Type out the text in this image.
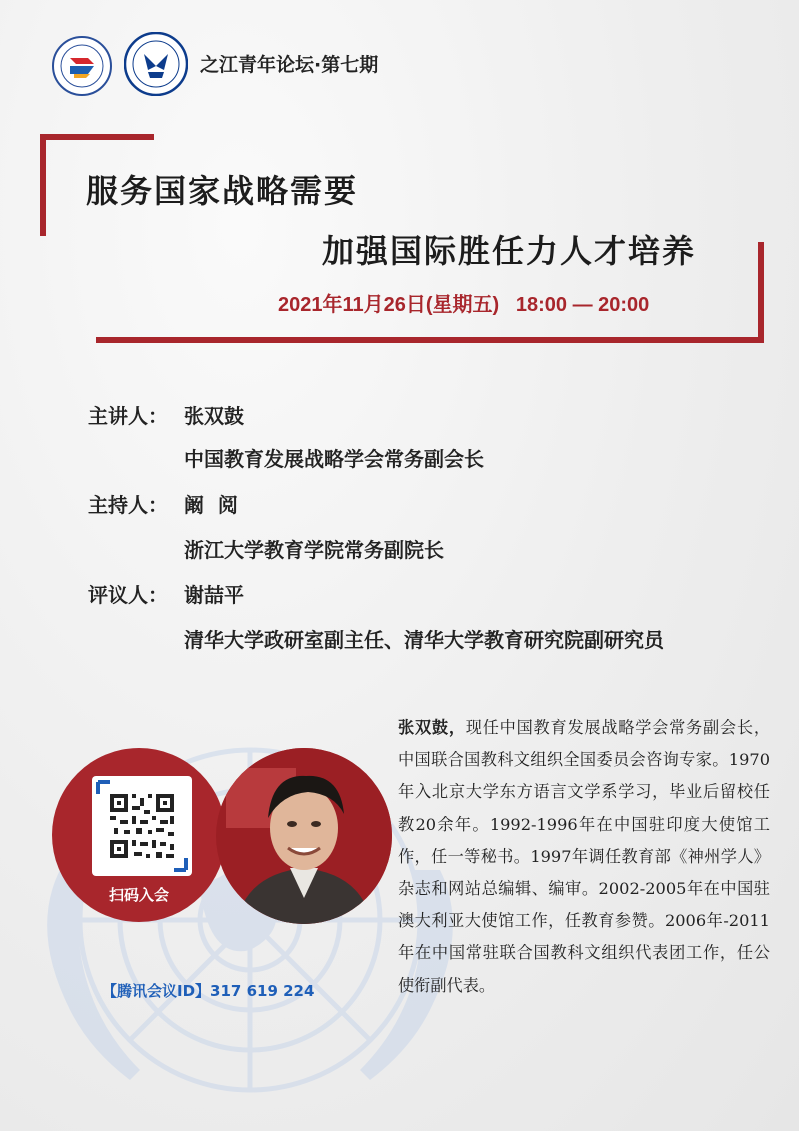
之江青年论坛·第七期
服务国家战略需要
加强国际胜任力人才培养
2021年11月26日(星期五)   18:00 — 20:00
主讲人： 张双鼓
中国教育发展战略学会常务副会长
主持人： 阚  阅
浙江大学教育学院常务副院长
评议人： 谢喆平
清华大学政研室副主任、清华大学教育研究院副研究员
扫码入会
【腾讯会议ID】317 619 224
张双鼓，现任中国教育发展战略学会常务副会长，中国联合国教科文组织全国委员会咨询专家。1970年入北京大学东方语言文学系学习，毕业后留校任教20余年。1992-1996年在中国驻印度大使馆工作，任一等秘书。1997年调任教育部《神州学人》杂志和网站总编辑、编审。2002-2005年在中国驻澳大利亚大使馆工作，任教育参赞。2006年-2011年在中国常驻联合国教科文组织代表团工作，任公使衔副代表。
